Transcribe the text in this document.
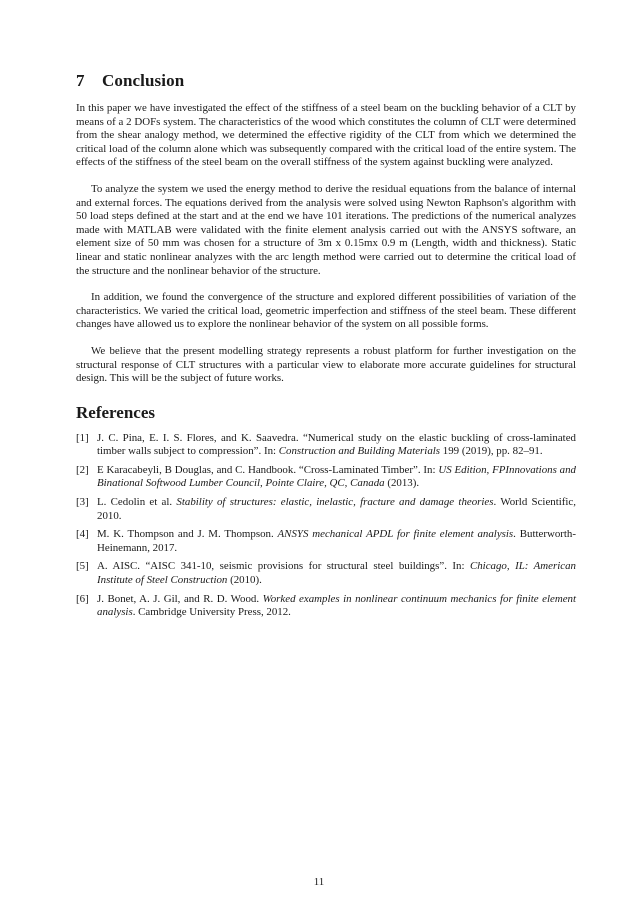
7 Conclusion

In this paper we have investigated the effect of the stiffness of a steel beam on the buckling behavior of a CLT by means of a 2 DOFs system. The characteristics of the wood which constitutes the column of CLT were determined from the shear analogy method, we determined the effective rigidity of the CLT from which we determined the critical load of the column alone which was subsequently compared with the critical load of the entire system. The effects of the stiffness of the steel beam on the overall stiffness of the system against buckling were analyzed.

To analyze the system we used the energy method to derive the residual equations from the balance of internal and external forces. The equations derived from the analysis were solved using Newton Raphson's algorithm with 50 load steps defined at the start and at the end we have 101 iterations. The predictions of the numerical analyzes made with MATLAB were validated with the finite element analysis carried out with the ANSYS software, an element size of 50 mm was chosen for a structure of 3m x 0.15mx 0.9 m (Length, width and thickness). Static linear and static nonlinear analyzes with the arc length method were carried out to determine the critical load of the structure and the nonlinear behavior of the structure.

In addition, we found the convergence of the structure and explored different possibilities of variation of the characteristics. We varied the critical load, geometric imperfection and stiffness of the steel beam. These different changes have allowed us to explore the nonlinear behavior of the system on all possible forms.

We believe that the present modelling strategy represents a robust platform for further investigation on the structural response of CLT structures with a particular view to elaborate more accurate guidelines for structural design. This will be the subject of future works.

References
[1] J. C. Pina, E. I. S. Flores, and K. Saavedra. “Numerical study on the elastic buckling of cross-laminated timber walls subject to compression”. In: Construction and Building Materials 199 (2019), pp. 82–91.
[2] E Karacabeyli, B Douglas, and C. Handbook. “Cross-Laminated Timber”. In: US Edition, FPInnovations and Binational Softwood Lumber Council, Pointe Claire, QC, Canada (2013).
[3] L. Cedolin et al. Stability of structures: elastic, inelastic, fracture and damage theories. World Scientific, 2010.
[4] M. K. Thompson and J. M. Thompson. ANSYS mechanical APDL for finite element analysis. Butterworth-Heinemann, 2017.
[5] A. AISC. “AISC 341-10, seismic provisions for structural steel buildings”. In: Chicago, IL: American Institute of Steel Construction (2010).
[6] J. Bonet, A. J. Gil, and R. D. Wood. Worked examples in nonlinear continuum mechanics for finite element analysis. Cambridge University Press, 2012.
11
